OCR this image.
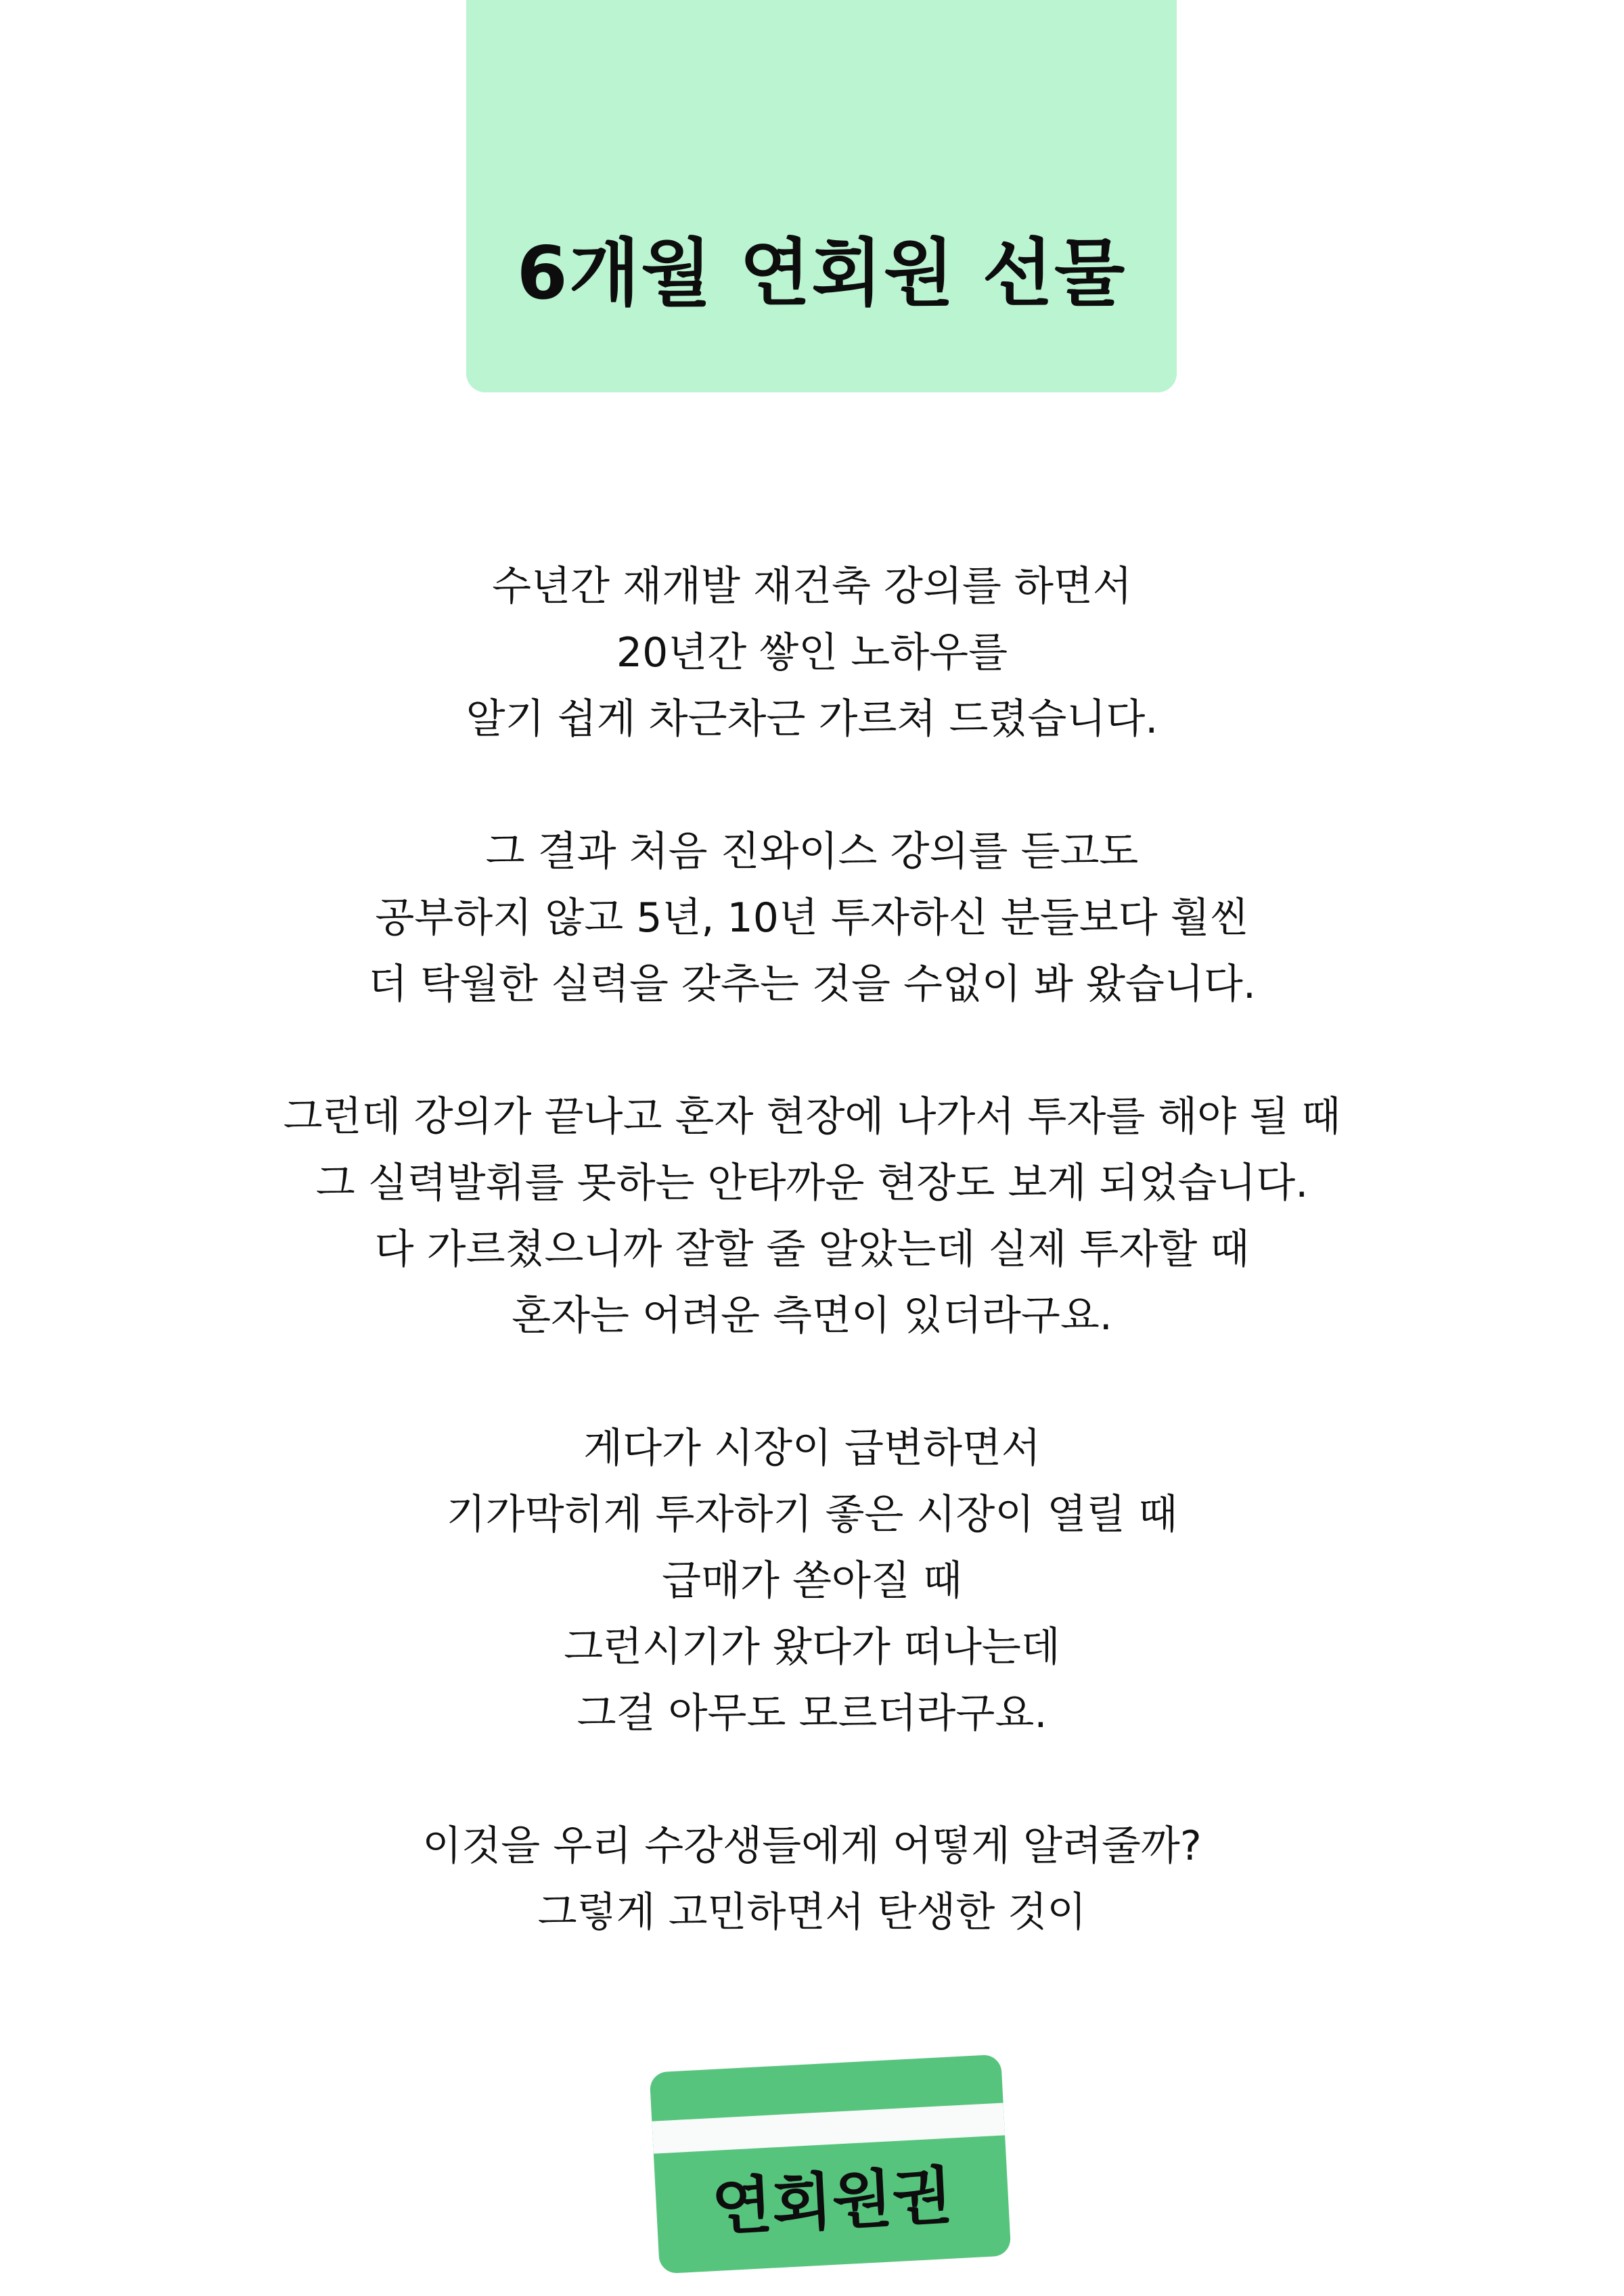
6개월 연회원 선물
수년간 재개발 재건축 강의를 하면서
20년간 쌓인 노하우를
알기 쉽게 차근차근 가르쳐 드렸습니다.
그 결과 처음 진와이스 강의를 듣고도
공부하지 않고 5년, 10년 투자하신 분들보다 훨씬
더 탁월한 실력을 갖추는 것을 수없이 봐 왔습니다.
그런데 강의가 끝나고 혼자 현장에 나가서 투자를 해야 될 때
그 실력발휘를 못하는 안타까운 현장도 보게 되었습니다.
다 가르쳤으니까 잘할 줄 알았는데 실제 투자할 때
혼자는 어려운 측면이 있더라구요.
게다가 시장이 급변하면서
기가막히게 투자하기 좋은 시장이 열릴 때
급매가 쏟아질 때
그런시기가 왔다가 떠나는데
그걸 아무도 모르더라구요.
이것을 우리 수강생들에게 어떻게 알려줄까?
그렇게 고민하면서 탄생한 것이
연회원권
